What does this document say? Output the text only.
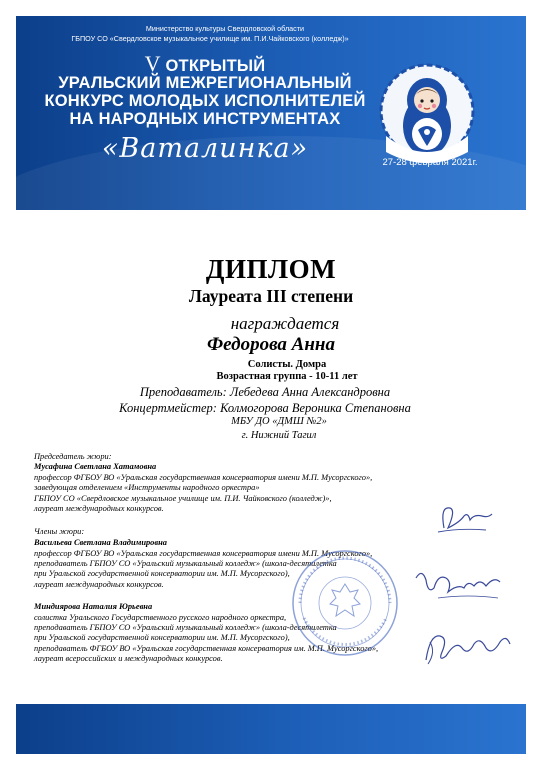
Министерство культуры Свердловской области
ГБПОУ СО «Свердловское музыкальное училище им. П.И.Чайковского (колледж)»
V ОТКРЫТЫЙ
УРАЛЬСКИЙ МЕЖРЕГИОНАЛЬНЫЙ
КОНКУРС МОЛОДЫХ ИСПОЛНИТЕЛЕЙ
НА НАРОДНЫХ ИНСТРУМЕНТАХ
«Ваталинка»	27-28 февраля 2021г.
ДИПЛОМ
Лауреата III степени
награждается
Федорова Анна
Солисты. Домра
Возрастная группа - 10-11 лет
Преподаватель: Лебедева Анна Александровна
Концертмейстер: Колмогорова Вероника Степановна
МБУ ДО «ДМШ №2»
г. Нижний Тагил
Председатель жюри:
Мусафина Светлана Хатамовна
профессор ФГБОУ ВО «Уральская государственная консерватория имени М.П. Мусоргского»,
заведующая отделением «Инструменты народного оркестра»
ГБПОУ СО «Свердловское музыкальное училище им. П.И. Чайковского (колледж)»,
лауреат международных конкурсов.
Члены жюри:
Васильева Светлана Владимировна
профессор ФГБОУ ВО «Уральская государственная консерватория имени М.П. Мусоргского»,
преподаватель ГБПОУ СО «Уральский музыкальный колледж» (школа-десятилетка
при Уральской государственной консерватории им. М.П. Мусоргского),
лауреат международных конкурсов.
Миндиярова Наталия Юрьевна
солистка Уральского Государственного русского народного оркестра,
преподаватель ГБПОУ СО «Уральский музыкальный колледж» (школа-десятилетка
при Уральской государственной консерватории им. М.П. Мусоргского),
преподаватель ФГБОУ ВО «Уральская государственная консерватория им. М.П. Мусоргского»,
лауреат всероссийских и международных конкурсов.
